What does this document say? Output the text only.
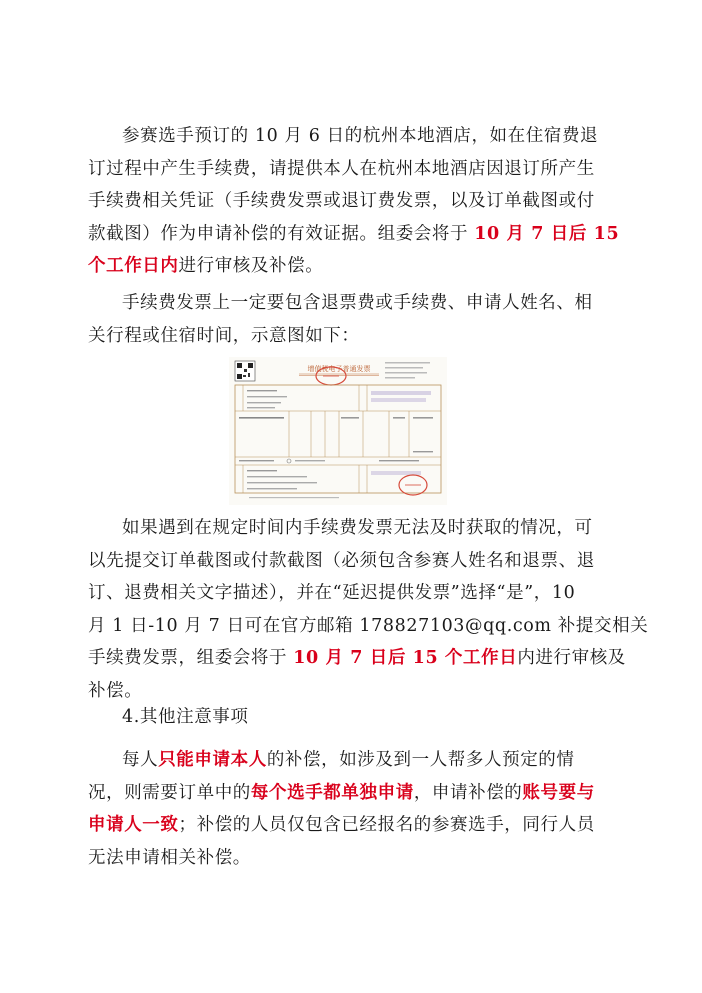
参赛选手预订的 10 月 6 日的杭州本地酒店，如在住宿费退
订过程中产生手续费，请提供本人在杭州本地酒店因退订所产生
手续费相关凭证（手续费发票或退订费发票，以及订单截图或付
款截图）作为申请补偿的有效证据。组委会将于 10 月 7 日后 15
个工作日内进行审核及补偿。

手续费发票上一定要包含退票费或手续费、申请人姓名、相
关行程或住宿时间，示意图如下：

增值税电子普通发票

如果遇到在规定时间内手续费发票无法及时获取的情况，可
以先提交订单截图或付款截图（必须包含参赛人姓名和退票、退
订、退费相关文字描述），并在“延迟提供发票”选择“是”，10
月 1 日-10 月 7 日可在官方邮箱 178827103@qq.com 补提交相关
手续费发票，组委会将于 10 月 7 日后 15 个工作日内进行审核及
补偿。

4.其他注意事项

每人只能申请本人的补偿，如涉及到一人帮多人预定的情
况，则需要订单中的每个选手都单独申请，申请补偿的账号要与
申请人一致；补偿的人员仅包含已经报名的参赛选手，同行人员
无法申请相关补偿。
